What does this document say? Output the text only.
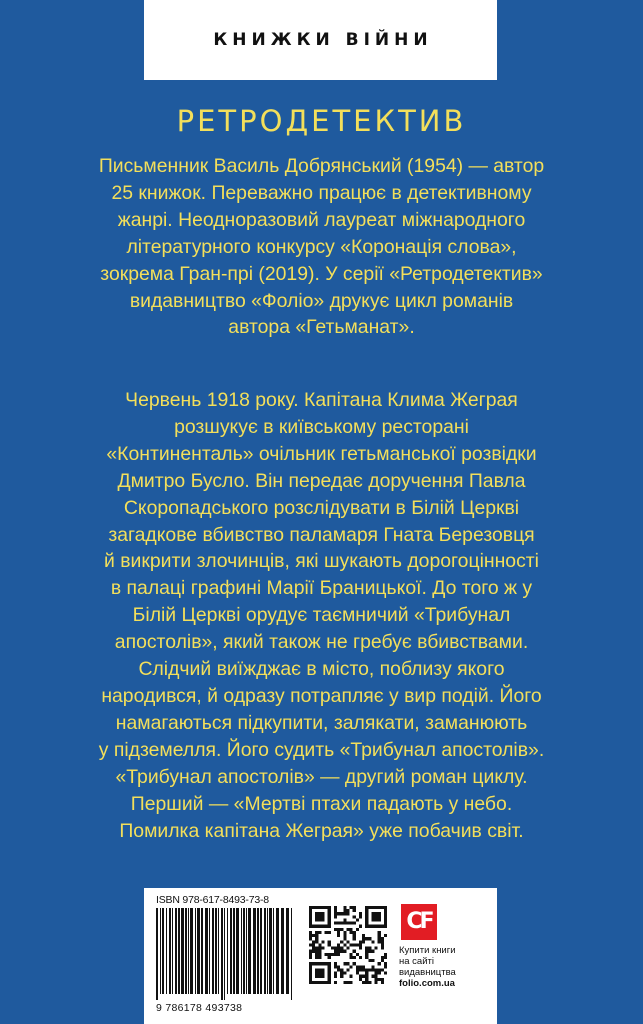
КНИЖКИ ВІЙНИ
РЕТРОДЕТЕКТИВ
Письменник Василь Добрянський (1954) — автор
25 книжок. Переважно працює в детективному
жанрі. Неодноразовий лауреат міжнародного
літературного конкурсу «Коронація слова»,
зокрема Гран-прі (2019). У серії «Ретродетектив»
видавництво «Фоліо» друкує цикл романів
автора «Гетьманат».
Червень 1918 року. Капітана Клима Жеграя
розшукує в київському ресторані
«Континенталь» очільник гетьманської розвідки
Дмитро Бусло. Він передає доручення Павла
Скоропадського розслідувати в Білій Церкві
загадкове вбивство паламаря Гната Березовця
й викрити злочинців, які шукають дорогоцінності
в палаці графині Марії Браницької. До того ж у
Білій Церкві орудує таємничий «Трибунал
апостолів», який також не гребує вбивствами.
Слідчий виїжджає в місто, поблизу якого
народився, й одразу потрапляє у вир подій. Його
намагаються підкупити, залякати, заманюють
у підземелля. Його судить «Трибунал апостолів».
«Трибунал апостолів» — другий роман циклу.
Перший — «Мертві птахи падають у небо.
Помилка капітана Жеграя» уже побачив світ.
ISBN 978-617-8493-73-8
9 786178 493738
CF
Купити книги
на сайті
видавництва
folio.com.ua
